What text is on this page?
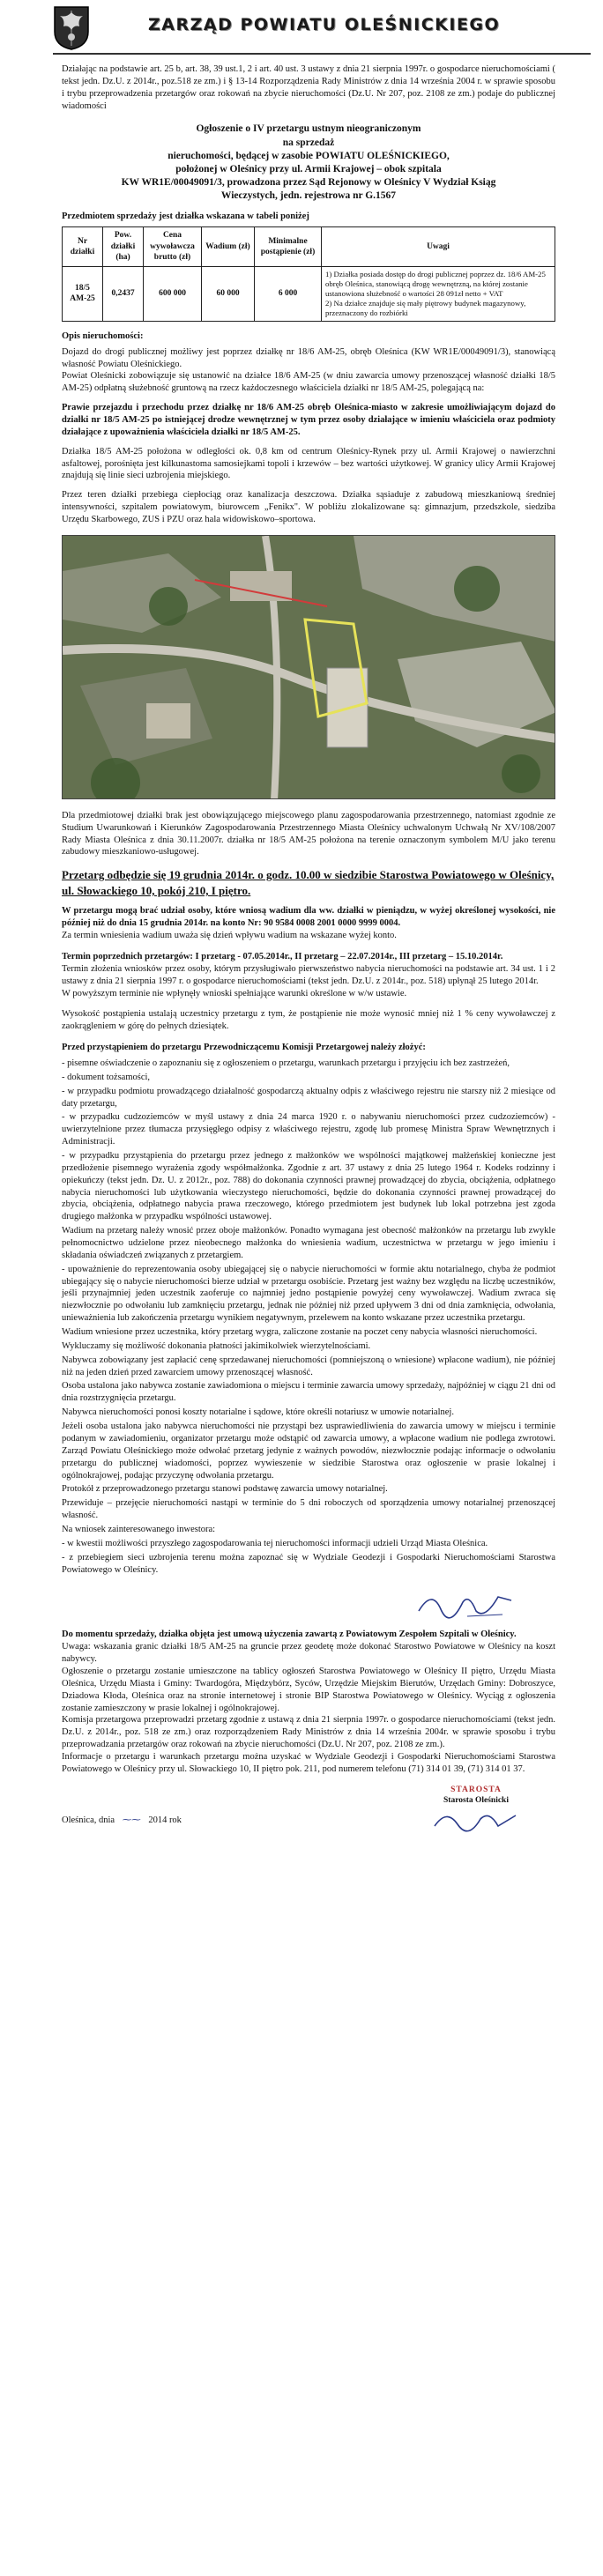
ZARZĄD POWIATU OLEŚNICKIEGO

Działając na podstawie art. 25 b, art. 38, 39 ust.1, 2 i art. 40 ust. 3 ustawy z dnia 21 sierpnia 1997r. o gospodarce nieruchomościami ( tekst jedn. Dz.U. z 2014r., poz.518 ze zm.) i § 13-14 Rozporządzenia Rady Ministrów z dnia 14 września 2004 r. w sprawie sposobu i trybu przeprowadzenia przetargów oraz rokowań na zbycie nieruchomości (Dz.U. Nr 207, poz. 2108 ze zm.) podaje do publicznej wiadomości

Ogłoszenie o IV przetargu ustnym nieograniczonym
na sprzedaż
nieruchomości, będącej w zasobie POWIATU OLEŚNICKIEGO,
położonej w Oleśnicy przy ul. Armii Krajowej – obok szpitala
KW WR1E/00049091/3, prowadzona przez Sąd Rejonowy w Oleśnicy V Wydział Ksiąg
Wieczystych, jedn. rejestrowa nr G.1567
Przedmiotem sprzedaży jest działka wskazana w tabeli poniżej
Nr działki	Pow. działki (ha)	Cena wywoławcza brutto (zł)	Wadium (zł)	Minimalne postąpienie (zł)	Uwagi
18/5 AM-25	0,2437	600 000	60 000	6 000	1) Działka posiada dostęp do drogi publicznej poprzez dz. 18/6 AM-25 obręb Oleśnica, stanowiącą drogę wewnętrzną, na której zostanie ustanowiona służebność o wartości 28 091zł netto + VAT
2) Na działce znajduje się mały piętrowy budynek magazynowy, przeznaczony do rozbiórki
Opis nieruchomości:

Dojazd do drogi publicznej możliwy jest poprzez działkę nr 18/6 AM-25, obręb Oleśnica (KW WR1E/00049091/3), stanowiącą własność Powiatu Oleśnickiego.

Powiat Oleśnicki zobowiązuje się ustanowić na działce 18/6 AM-25 (w dniu zawarcia umowy przenoszącej własność działki 18/5 AM-25) odpłatną służebność gruntową na rzecz każdoczesnego właściciela działki nr 18/5 AM-25, polegającą na:

Prawie przejazdu i przechodu przez działkę nr 18/6 AM-25 obręb Oleśnica-miasto w zakresie umożliwiającym dojazd do działki nr 18/5 AM-25 po istniejącej drodze wewnętrznej w tym przez osoby działające w imieniu właściciela oraz podmioty działające z upoważnienia właściciela działki nr 18/5 AM-25.

Działka 18/5 AM-25 położona w odległości ok. 0,8 km od centrum Oleśnicy-Rynek przy ul. Armii Krajowej o nawierzchni asfaltowej, porośnięta jest kilkunastoma samosiejkami topoli i krzewów – bez wartości użytkowej. W granicy ulicy Armii Krajowej znajdują się linie sieci uzbrojenia miejskiego.

Przez teren działki przebiega ciepłociąg oraz kanalizacja deszczowa. Działka sąsiaduje z zabudową mieszkaniową średniej intensywności, szpitalem powiatowym, biurowcem „Fenikx". W pobliżu zlokalizowane są: gimnazjum, przedszkole, siedziba Urzędu Skarbowego, ZUS i PZU oraz hala widowiskowo–sportowa.

Dla przedmiotowej działki brak jest obowiązującego miejscowego planu zagospodarowania przestrzennego, natomiast zgodnie ze Studium Uwarunkowań i Kierunków Zagospodarowania Przestrzennego Miasta Oleśnicy uchwalonym Uchwałą Nr XV/108/2007 Rady Miasta Oleśnica z dnia 30.11.2007r. działka nr 18/5 AM-25 położona na terenie oznaczonym symbolem M/U jako terenu zabudowy mieszkaniowo-usługowej.

Przetarg odbędzie się 19 grudnia 2014r. o godz. 10.00 w siedzibie Starostwa Powiatowego w Oleśnicy, ul. Słowackiego 10, pokój 210, I piętro.

W przetargu mogą brać udział osoby, które wniosą wadium dla ww. działki w pieniądzu, w wyżej określonej wysokości, nie później niż do dnia 15 grudnia 2014r. na konto Nr: 90 9584 0008 2001 0000 9999 0004.

Za termin wniesienia wadium uważa się dzień wpływu wadium na wskazane wyżej konto.

Termin poprzednich przetargów: I przetarg - 07.05.2014r., II przetarg – 22.07.2014r., III przetarg – 15.10.2014r.

Termin złożenia wniosków przez osoby, którym przysługiwało pierwszeństwo nabycia nieruchomości na podstawie art. 34 ust. 1 i 2 ustawy z dnia 21 sierpnia 1997 r. o gospodarce nieruchomościami (tekst jedn. Dz.U. z 2014r., poz. 518) upłynął 25 lutego 2014r.

W powyższym terminie nie wpłynęły wnioski spełniające warunki określone w w/w ustawie.

Wysokość postąpienia ustalają uczestnicy przetargu z tym, że postąpienie nie może wynosić mniej niż 1 % ceny wywoławczej z zaokrągleniem w górę do pełnych dziesiątek.

Przed przystąpieniem do przetargu Przewodniczącemu Komisji Przetargowej należy złożyć:
- pisemne oświadczenie o zapoznaniu się z ogłoszeniem o przetargu, warunkach przetargu i przyjęciu ich bez zastrzeżeń,
- dokument tożsamości,
- w przypadku podmiotu prowadzącego działalność gospodarczą aktualny odpis z właściwego rejestru nie starszy niż 2 miesiące od daty przetargu,
- w przypadku cudzoziemców w myśl ustawy z dnia 24 marca 1920 r. o nabywaniu nieruchomości przez cudzoziemców) - uwierzytelnione przez tłumacza przysięgłego odpisy z właściwego rejestru, zgodę lub promesę Ministra Spraw Wewnętrznych i Administracji.
- w przypadku przystąpienia do przetargu przez jednego z małżonków we wspólności majątkowej małżeńskiej konieczne jest przedłożenie pisemnego wyrażenia zgody współmałżonka. Zgodnie z art. 37 ustawy z dnia 25 lutego 1964 r. Kodeks rodzinny i opiekuńczy (tekst jedn. Dz. U. z 2012r., poz. 788) do dokonania czynności prawnej prowadzącej do zbycia, obciążenia, odpłatnego nabycia nieruchomości lub użytkowania wieczystego nieruchomości, będzie do dokonania czynności prawnej prowadzącej do zbycia, obciążenia, odpłatnego nabycia prawa rzeczowego, którego przedmiotem jest budynek lub lokal potrzebna jest zgoda drugiego małżonka w przypadku wspólności ustawowej.
Wadium na przetarg należy wnosić przez oboje małżonków. Ponadto wymagana jest obecność małżonków na przetargu lub zwykle pełnomocnictwo udzielone przez nieobecnego małżonka do wniesienia wadium, uczestnictwa w przetargu w jego imieniu i składania oświadczeń związanych z przetargiem.
- upoważnienie do reprezentowania osoby ubiegającej się o nabycie nieruchomości w formie aktu notarialnego, chyba że podmiot ubiegający się o nabycie nieruchomości bierze udział w przetargu osobiście. Przetarg jest ważny bez względu na liczbę uczestników, jeśli przynajmniej jeden uczestnik zaoferuje co najmniej jedno postąpienie powyżej ceny wywoławczej. Wadium zwraca się niezwłocznie po odwołaniu lub zamknięciu przetargu, jednak nie później niż przed upływem 3 dni od dnia zamknięcia, odwołania, unieważnienia lub zakończenia przetargu wynikiem negatywnym, przelewem na konto wskazane przez uczestnika przetargu.
Wadium wniesione przez uczestnika, który przetarg wygra, zaliczone zostanie na poczet ceny nabycia własności nieruchomości.
Wykluczamy się możliwość dokonania płatności jakimikolwiek wierzytelnościami.
Nabywca zobowiązany jest zapłacić cenę sprzedawanej nieruchomości (pomniejszoną o wniesione) wpłacone wadium), nie później niż na jeden dzień przed zawarciem umowy przenoszącej własność.
Osoba ustalona jako nabywca zostanie zawiadomiona o miejscu i terminie zawarcia umowy sprzedaży, najpóźniej w ciągu 21 dni od dnia rozstrzygnięcia przetargu.
Nabywca nieruchomości ponosi koszty notarialne i sądowe, które określi notariusz w umowie notarialnej.
Jeżeli osoba ustalona jako nabywca nieruchomości nie przystąpi bez usprawiedliwienia do zawarcia umowy w miejscu i terminie podanym w zawiadomieniu, organizator przetargu może odstąpić od zawarcia umowy, a wpłacone wadium nie podlega zwrotowi. Zarząd Powiatu Oleśnickiego może odwołać przetarg jedynie z ważnych powodów, niezwłocznie podając informacje o odwołaniu przetargu do publicznej wiadomości, poprzez wywieszenie w siedzibie Starostwa oraz ogłoszenie w prasie lokalnej i ogólnokrajowej, podając przyczynę odwołania przetargu.
Protokół z przeprowadzonego przetargu stanowi podstawę zawarcia umowy notarialnej.
Przewiduje – przejęcie nieruchomości nastąpi w terminie do 5 dni roboczych od sporządzenia umowy notarialnej przenoszącej własność.
Na wniosek zainteresowanego inwestora:
- w kwestii możliwości przyszłego zagospodarowania tej nieruchomości informacji udzieli Urząd Miasta Oleśnica.
- z przebiegiem sieci uzbrojenia terenu można zapoznać się w Wydziale Geodezji i Gospodarki Nieruchomościami Starostwa Powiatowego w Oleśnicy.

Do momentu sprzedaży, działka objęta jest umową użyczenia zawartą z Powiatowym Zespołem Szpitali w Oleśnicy.

Uwaga: wskazania granic działki 18/5 AM-25 na gruncie przez geodetę może dokonać Starostwo Powiatowe w Oleśnicy na koszt nabywcy.

Ogłoszenie o przetargu zostanie umieszczone na tablicy ogłoszeń Starostwa Powiatowego w Oleśnicy II piętro, Urzędu Miasta Oleśnica, Urzędu Miasta i Gminy: Twardogóra, Międzybórz, Syców, Urzędzie Miejskim Bierutów, Urzędach Gminy: Dobroszyce, Dziadowa Kłoda, Oleśnica oraz na stronie internetowej i stronie BIP Starostwa Powiatowego w Oleśnicy. Wyciąg z ogłoszenia zostanie zamieszczony w prasie lokalnej i ogólnokrajowej.

Komisja przetargowa przeprowadzi przetarg zgodnie z ustawą z dnia 21 sierpnia 1997r. o gospodarce nieruchomościami (tekst jedn. Dz.U. z 2014r., poz. 518 ze zm.) oraz rozporządzeniem Rady Ministrów z dnia 14 września 2004r. w sprawie sposobu i trybu przeprowadzania przetargów oraz rokowań na zbycie nieruchomości (Dz.U. Nr 207, poz. 2108 ze zm.).

Informacje o przetargu i warunkach przetargu można uzyskać w Wydziale Geodezji i Gospodarki Nieruchomościami Starostwa Powiatowego w Oleśnicy przy ul. Słowackiego 10, II piętro pok. 211, pod numerem telefonu (71) 314 01 39, (71) 314 01 37.

Oleśnica, dnia ⁓⁓ 2014 rok
STAROSTA
Starosta Oleśnicki
